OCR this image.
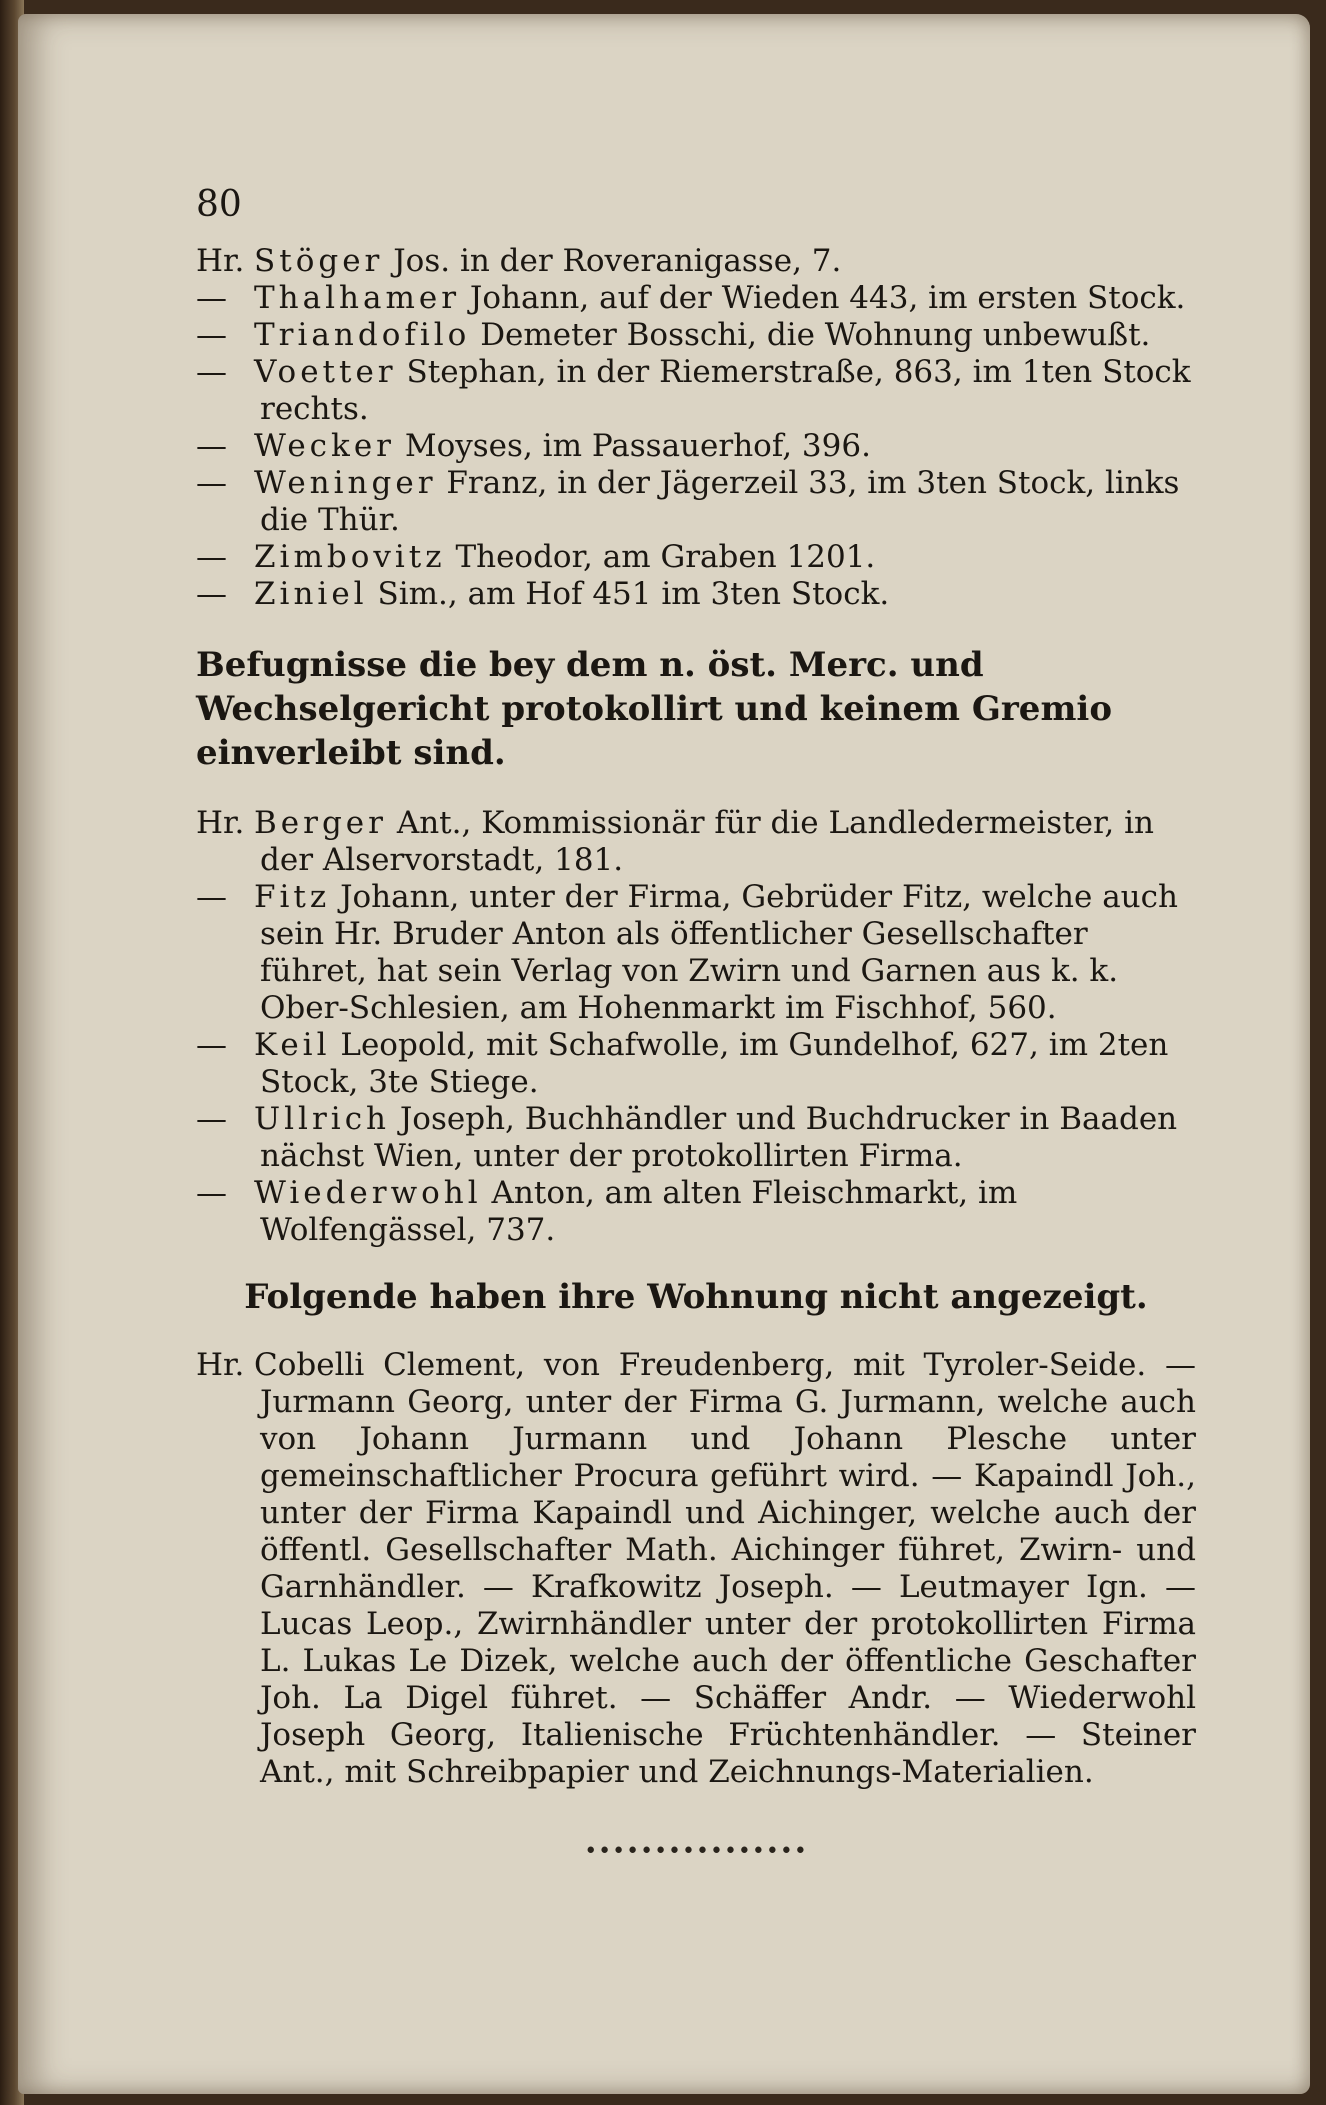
80

Hr. Stöger Jos. in der Roveranigasse, 7.

— Thalhamer Johann, auf der Wieden 443, im ersten Stock.

— Triandofilo Demeter Bosschi, die Wohnung unbewußt.

— Voetter Stephan, in der Riemerstraße, 863, im 1ten Stock rechts.

— Wecker Moyses, im Passauerhof, 396.

— Weninger Franz, in der Jägerzeil 33, im 3ten Stock, links die Thür.

— Zimbovitz Theodor, am Graben 1201.

— Ziniel Sim., am Hof 451 im 3ten Stock.

Befugnisse die bey dem n. öst. Merc. und Wechselgericht protokollirt und keinem Gremio einverleibt sind.

Hr. Berger Ant., Kommissionär für die Landledermeister, in der Alservorstadt, 181.

— Fitz Johann, unter der Firma, Gebrüder Fitz, welche auch sein Hr. Bruder Anton als öffentlicher Gesellschafter führet, hat sein Verlag von Zwirn und Garnen aus k. k. Ober-Schlesien, am Hohenmarkt im Fischhof, 560.

— Keil Leopold, mit Schafwolle, im Gundelhof, 627, im 2ten Stock, 3te Stiege.

— Ullrich Joseph, Buchhändler und Buchdrucker in Baaden nächst Wien, unter der protokollirten Firma.

— Wiederwohl Anton, am alten Fleischmarkt, im Wolfengässel, 737.

Folgende haben ihre Wohnung nicht angezeigt.

Hr. Cobelli Clement, von Freudenberg, mit Tyroler-Seide. — Jurmann Georg, unter der Firma G. Jurmann, welche auch von Johann Jurmann und Johann Plesche unter gemeinschaftlicher Procura geführt wird. — Kapaindl Joh., unter der Firma Kapaindl und Aichinger, welche auch der öffentl. Gesellschafter Math. Aichinger führet, Zwirn- und Garnhändler. — Krafkowitz Joseph. — Leutmayer Ign. — Lucas Leop., Zwirnhändler unter der protokollirten Firma L. Lukas Le Dizek, welche auch der öffentliche Geschafter Joh. La Digel führet. — Schäffer Andr. — Wiederwohl Joseph Georg, Italienische Früchtenhändler. — Steiner Ant., mit Schreibpapier und Zeichnungs-Materialien.

••••••••••••••••
